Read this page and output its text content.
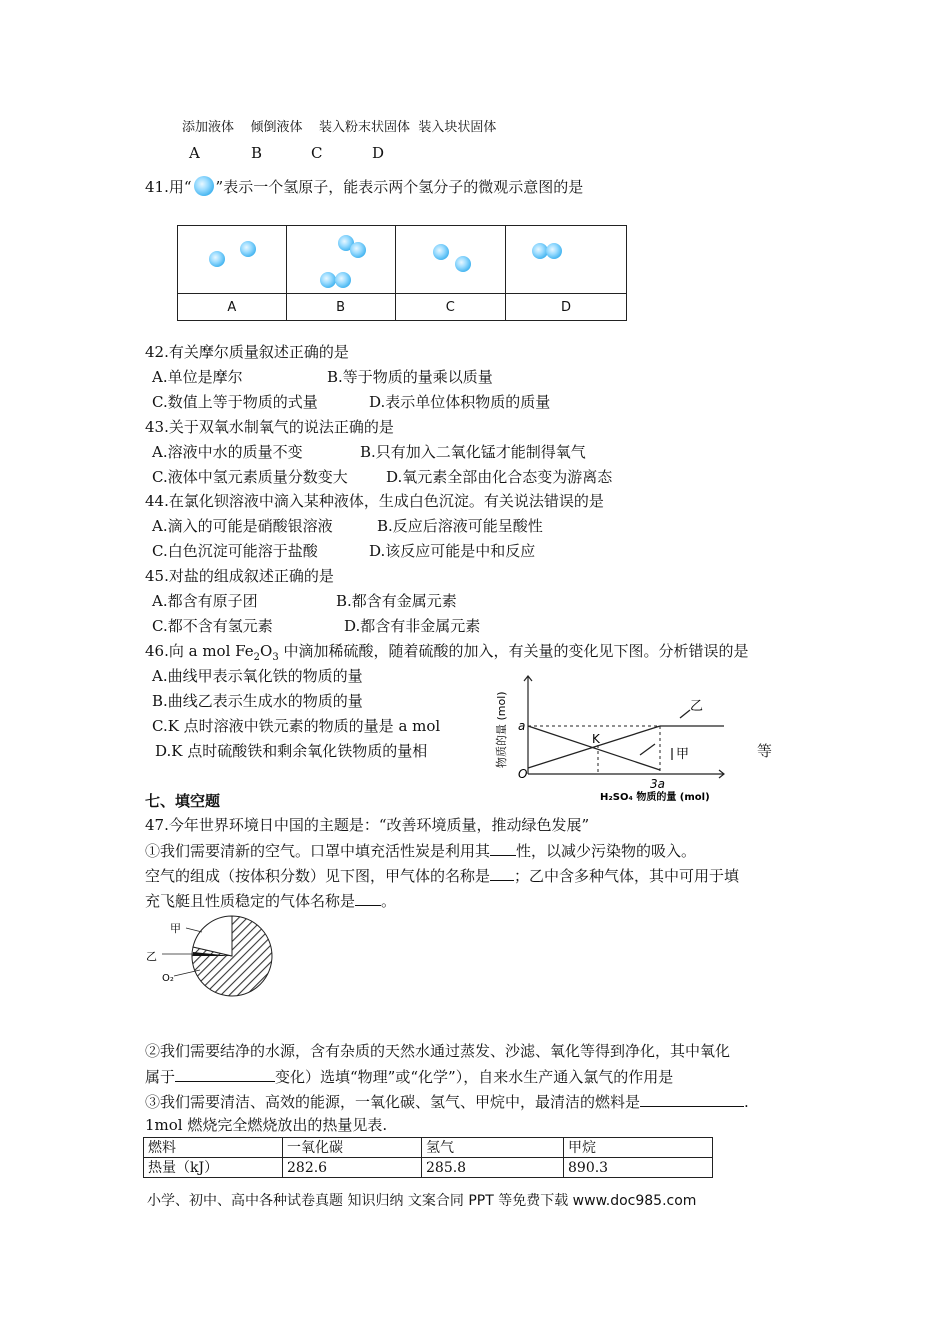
添加液体    倾倒液体    装入粉末状固体  装入块状固体
A	B	C	D
41.用“ ”表示一个氢原子，能表示两个氢分子的微观示意图的是

A	B	C	D
42.有关摩尔质量叙述正确的是
A.单位是摩尔	B.等于物质的量乘以质量
C.数值上等于物质的式量	D.表示单位体积物质的质量
43.关于双氧水制氧气的说法正确的是
A.溶液中水的质量不变	B.只有加入二氧化锰才能制得氧气
C.液体中氢元素质量分数变大	D.氧元素全部由化合态变为游离态
44.在氯化钡溶液中滴入某种液体，生成白色沉淀。有关说法错误的是
A.滴入的可能是硝酸银溶液	B.反应后溶液可能呈酸性
C.白色沉淀可能溶于盐酸	D.该反应可能是中和反应
45.对盐的组成叙述正确的是
A.都含有原子团	B.都含有金属元素
C.都不含有氢元素	D.都含有非金属元素
46.向 a mol $Fe_2O_3$ 中滴加稀硫酸，随着硫酸的加入，有关量的变化见下图。分析错误的是
A.曲线甲表示氧化铁的物质的量
B.曲线乙表示生成水的物质的量
C.K 点时溶液中铁元素的物质的量是 a mol
D.K 点时硫酸铁和剩余氧化铁物质的量相	等
物质的量 (mol)
H₂SO₄ 物质的量 (mol)
O
a
3a
K
乙
甲
七、填空题
47.今年世界环境日中国的主题是：“改善环境质量，推动绿色发展”
①我们需要清新的空气。口罩中填充活性炭是利用其 性，以减少污染物的吸入。
空气的组成（按体积分数）见下图，甲气体的名称是 ；乙中含多种气体，其中可用于填
充飞艇且性质稳定的气体名称是 。
甲
乙
O₂
②我们需要结净的水源，含有杂质的天然水通过蒸发、沙滤、氧化等得到净化，其中氧化
属于	变化）选填“物理”或“化学”），自来水生产通入氯气的作用是
③我们需要清洁、高效的能源，一氧化碳、氢气、甲烷中，最清洁的燃料是	.
1mol 燃烧完全燃烧放出的热量见表.
燃料	一氧化碳	氢气	甲烷
热量（kJ）	282.6	285.8	890.3
小学、初中、高中各种试卷真题 知识归纳 文案合同 PPT 等免费下载 www.doc985.com
